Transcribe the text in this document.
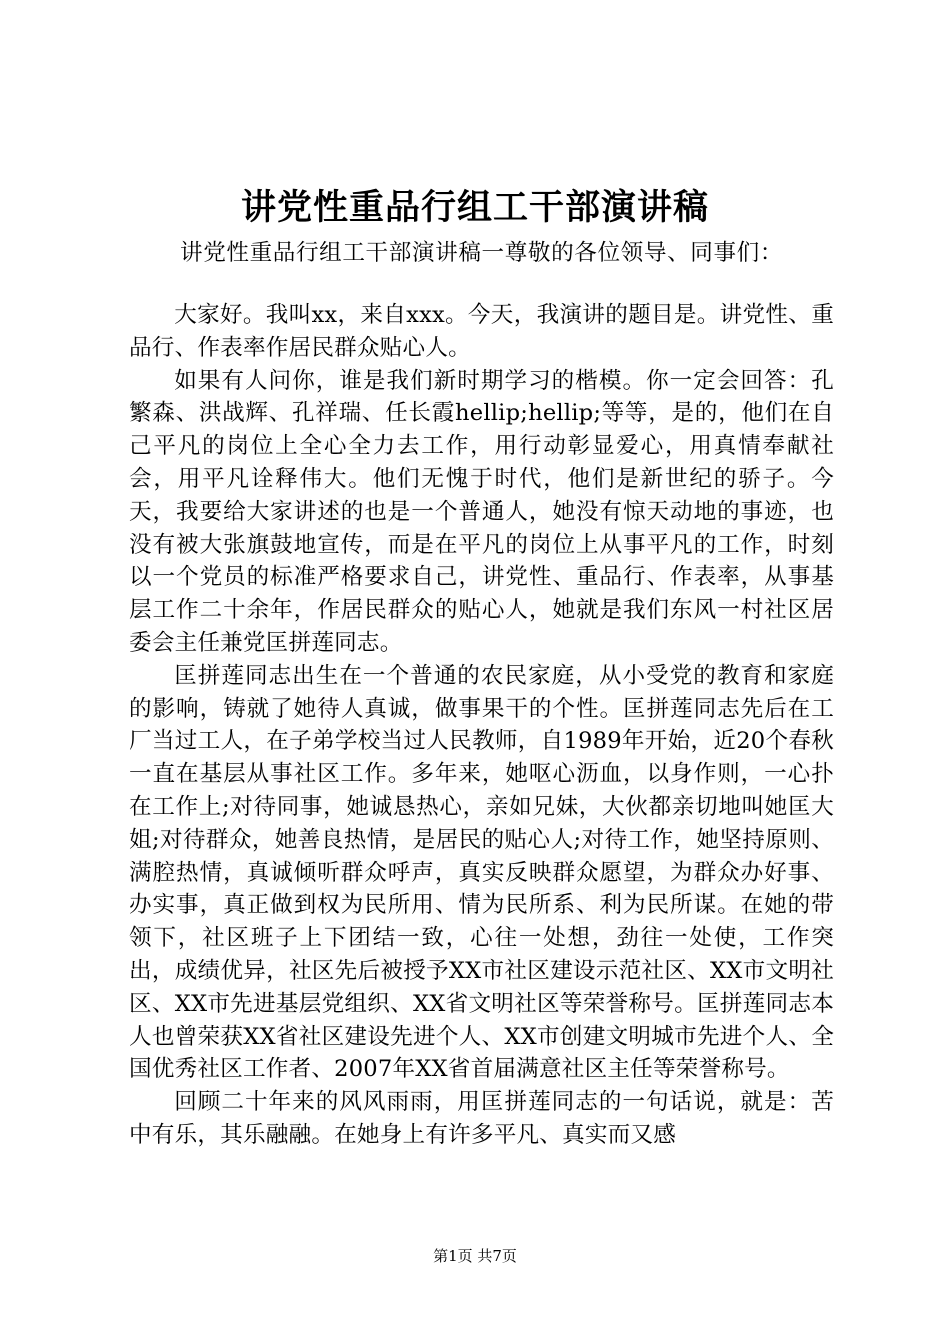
讲党性重品行组工干部演讲稿
讲党性重品行组工干部演讲稿一尊敬的各位领导、同事们：

大家好。我叫xx，来自xxx。今天，我演讲的题目是。讲党性、重品行、作表率作居民群众贴心人。

如果有人问你，谁是我们新时期学习的楷模。你一定会回答：孔繁森、洪战辉、孔祥瑞、任长霞hellip;hellip;等等，是的，他们在自己平凡的岗位上全心全力去工作，用行动彰显爱心，用真情奉献社会，用平凡诠释伟大。他们无愧于时代，他们是新世纪的骄子。今天，我要给大家讲述的也是一个普通人，她没有惊天动地的事迹，也没有被大张旗鼓地宣传，而是在平凡的岗位上从事平凡的工作，时刻以一个党员的标准严格要求自己，讲党性、重品行、作表率，从事基层工作二十余年，作居民群众的贴心人，她就是我们东风一村社区居委会主任兼党匡拼莲同志。

匡拼莲同志出生在一个普通的农民家庭，从小受党的教育和家庭的影响，铸就了她待人真诚，做事果干的个性。匡拼莲同志先后在工厂当过工人，在子弟学校当过人民教师，自1989年开始，近20个春秋一直在基层从事社区工作。多年来，她呕心沥血，以身作则，一心扑在工作上;对待同事，她诚恳热心，亲如兄妹，大伙都亲切地叫她匡大姐;对待群众，她善良热情，是居民的贴心人;对待工作，她坚持原则、满腔热情，真诚倾听群众呼声，真实反映群众愿望，为群众办好事、办实事，真正做到权为民所用、情为民所系、利为民所谋。在她的带领下，社区班子上下团结一致，心往一处想，劲往一处使，工作突出，成绩优异，社区先后被授予XX市社区建设示范社区、XX市文明社区、XX市先进基层党组织、XX省文明社区等荣誉称号。匡拼莲同志本人也曾荣获XX省社区建设先进个人、XX市创建文明城市先进个人、全国优秀社区工作者、2007年XX省首届满意社区主任等荣誉称号。

回顾二十年来的风风雨雨，用匡拼莲同志的一句话说，就是：苦中有乐，其乐融融。在她身上有许多平凡、真实而又感

第1页 共7页
